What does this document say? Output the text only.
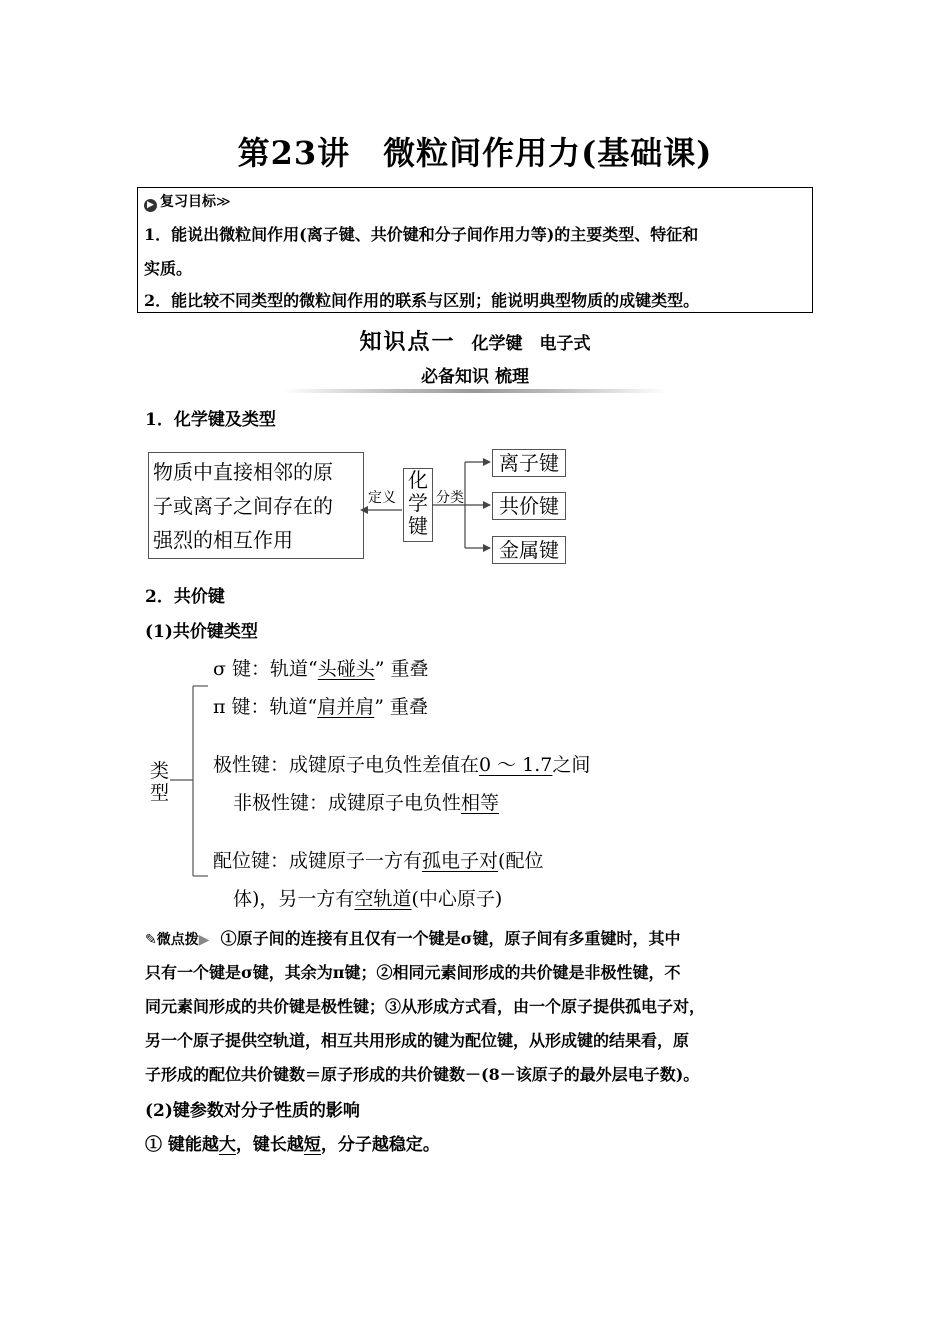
第23讲　微粒间作用力(基础课)
▶ 复习目标≫
1．能说出微粒间作用(离子键、共价键和分子间作用力等)的主要类型、特征和
实质。
2．能比较不同类型的微粒间作用的联系与区别；能说明典型物质的成键类型。
知识点一 化学键　电子式
必备知识 梳理
1．化学键及类型
物质中直接相邻的原
子或离子之间存在的
强烈的相互作用
定义
化
学
键
分类
离子键
共价键
金属键
2．共价键
(1)共价键类型
类
型
σ 键：轨道“头碰头” 重叠
π 键：轨道“肩并肩” 重叠
极性键：成键原子电负性差值在0 ～ 1.7之间
非极性键：成键原子电负性相等
配位键：成键原子一方有孤电子对(配位
体)，另一方有空轨道(中心原子)
✎微点拨▶ ①原子间的连接有且仅有一个键是σ键，原子间有多重键时，其中
只有一个键是σ键，其余为π键；②相同元素间形成的共价键是非极性键，不
同元素间形成的共价键是极性键；③从形成方式看，由一个原子提供孤电子对，
另一个原子提供空轨道，相互共用形成的键为配位键，从形成键的结果看，原
子形成的配位共价键数＝原子形成的共价键数－(8－该原子的最外层电子数)。
(2)键参数对分子性质的影响
① 键能越大，键长越短，分子越稳定。
